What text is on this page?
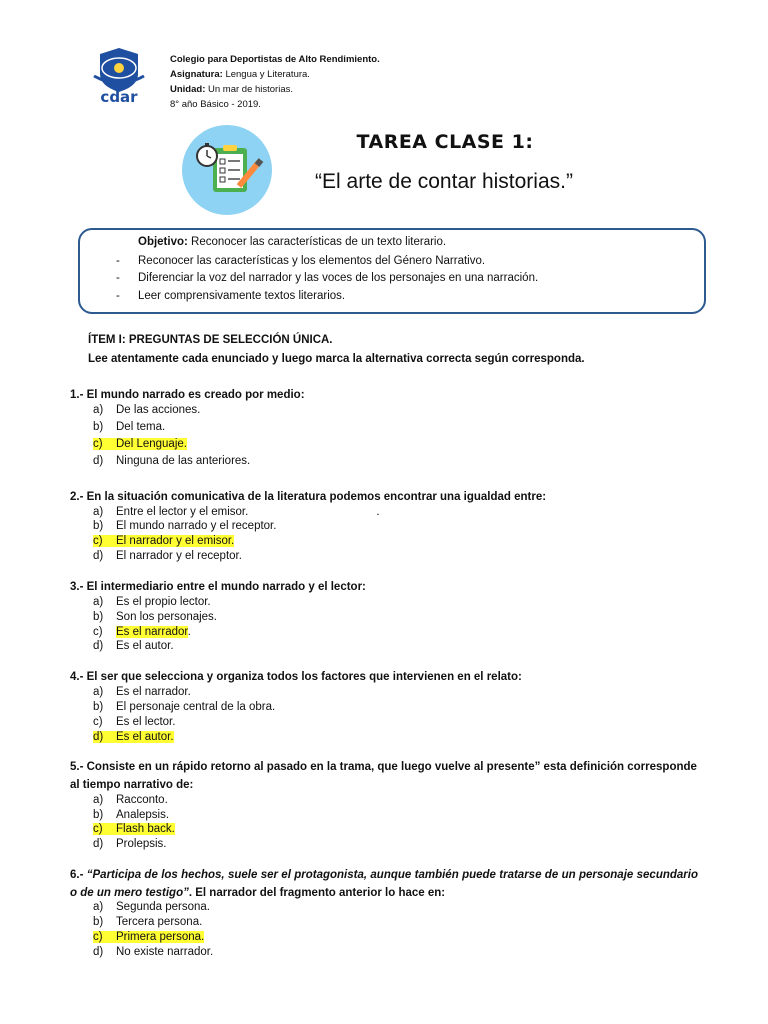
cdar
Colegio para Deportistas de Alto Rendimiento.
Asignatura: Lengua y Literatura.
Unidad: Un mar de historias.
8° año Básico - 2019.
TAREA CLASE 1:
“El arte de contar historias.”
Objetivo: Reconocer las características de un texto literario.
- Reconocer las características y los elementos del Género Narrativo.
- Diferenciar la voz del narrador y las voces de los personajes en una narración.
- Leer comprensivamente textos literarios.
ÍTEM I: PREGUNTAS DE SELECCIÓN ÚNICA.
Lee atentamente cada enunciado y luego marca la alternativa correcta según corresponda.
1.- El mundo narrado es creado por medio:
a) De las acciones.
b) Del tema.
c) Del Lenguaje.
d) Ninguna de las anteriores.
2.- En la situación comunicativa de la literatura podemos encontrar una igualdad entre:
a) Entre el lector y el emisor.	.
b) El mundo narrado y el receptor.
c) El narrador y el emisor.
d) El narrador y el receptor.
3.- El intermediario entre el mundo narrado y el lector:
a) Es el propio lector.
b) Son los personajes.
c) Es el narrador.
d) Es el autor.
4.- El ser que selecciona y organiza todos los factores que intervienen en el relato:
a) Es el narrador.
b) El personaje central de la obra.
c) Es el lector.
d) Es el autor.
5.- Consiste en un rápido retorno al pasado en la trama, que luego vuelve al presente” esta definición corresponde al tiempo narrativo de:
a) Racconto.
b) Analepsis.
c) Flash back.
d) Prolepsis.
6.- “Participa de los hechos, suele ser el protagonista, aunque también puede tratarse de un personaje secundario o de un mero testigo”. El narrador del fragmento anterior lo hace en:
a) Segunda persona.
b) Tercera persona.
c) Primera persona.
d) No existe narrador.
